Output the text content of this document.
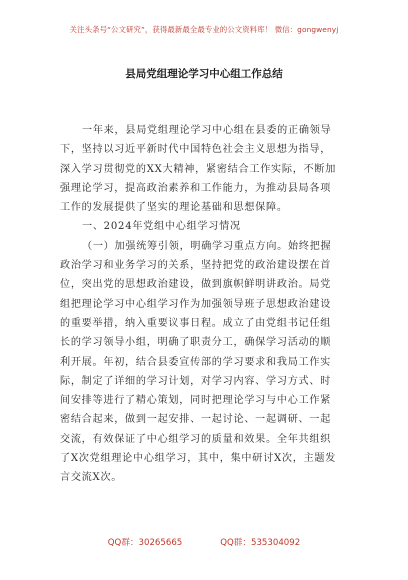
关注头条号“公文研究”，获得最新最全最专业的公文资料库！ 微信：gongwenyj
县局党组理论学习中心组工作总结
一年来，县局党组理论学习中心组在县委的正确领导
下，坚持以习近平新时代中国特色社会主义思想为指导，
深入学习贯彻党的XX大精神，紧密结合工作实际，不断加
强理论学习，提高政治素养和工作能力，为推动县局各项
工作的发展提供了坚实的理论基础和思想保障。
一、2024年党组中心组学习情况
（一）加强统筹引领，明确学习重点方向。始终把握
政治学习和业务学习的关系，坚持把党的政治建设摆在首
位，突出党的思想政治建设，做到旗帜鲜明讲政治。局党
组把理论学习中心组学习作为加强领导班子思想政治建设
的重要举措，纳入重要议事日程。成立了由党组书记任组
长的学习领导小组，明确了职责分工，确保学习活动的顺
利开展。年初，结合县委宣传部的学习要求和我局工作实
际，制定了详细的学习计划，对学习内容、学习方式、时
间安排等进行了精心策划，同时把理论学习与中心工作紧
密结合起来，做到一起安排、一起讨论、一起调研、一起
交流，有效保证了中心组学习的质量和效果。全年共组织
了X次党组理论中心组学习，其中，集中研讨X次，主题发
言交流X次。
QQ群：30265665	QQ群：535304092
